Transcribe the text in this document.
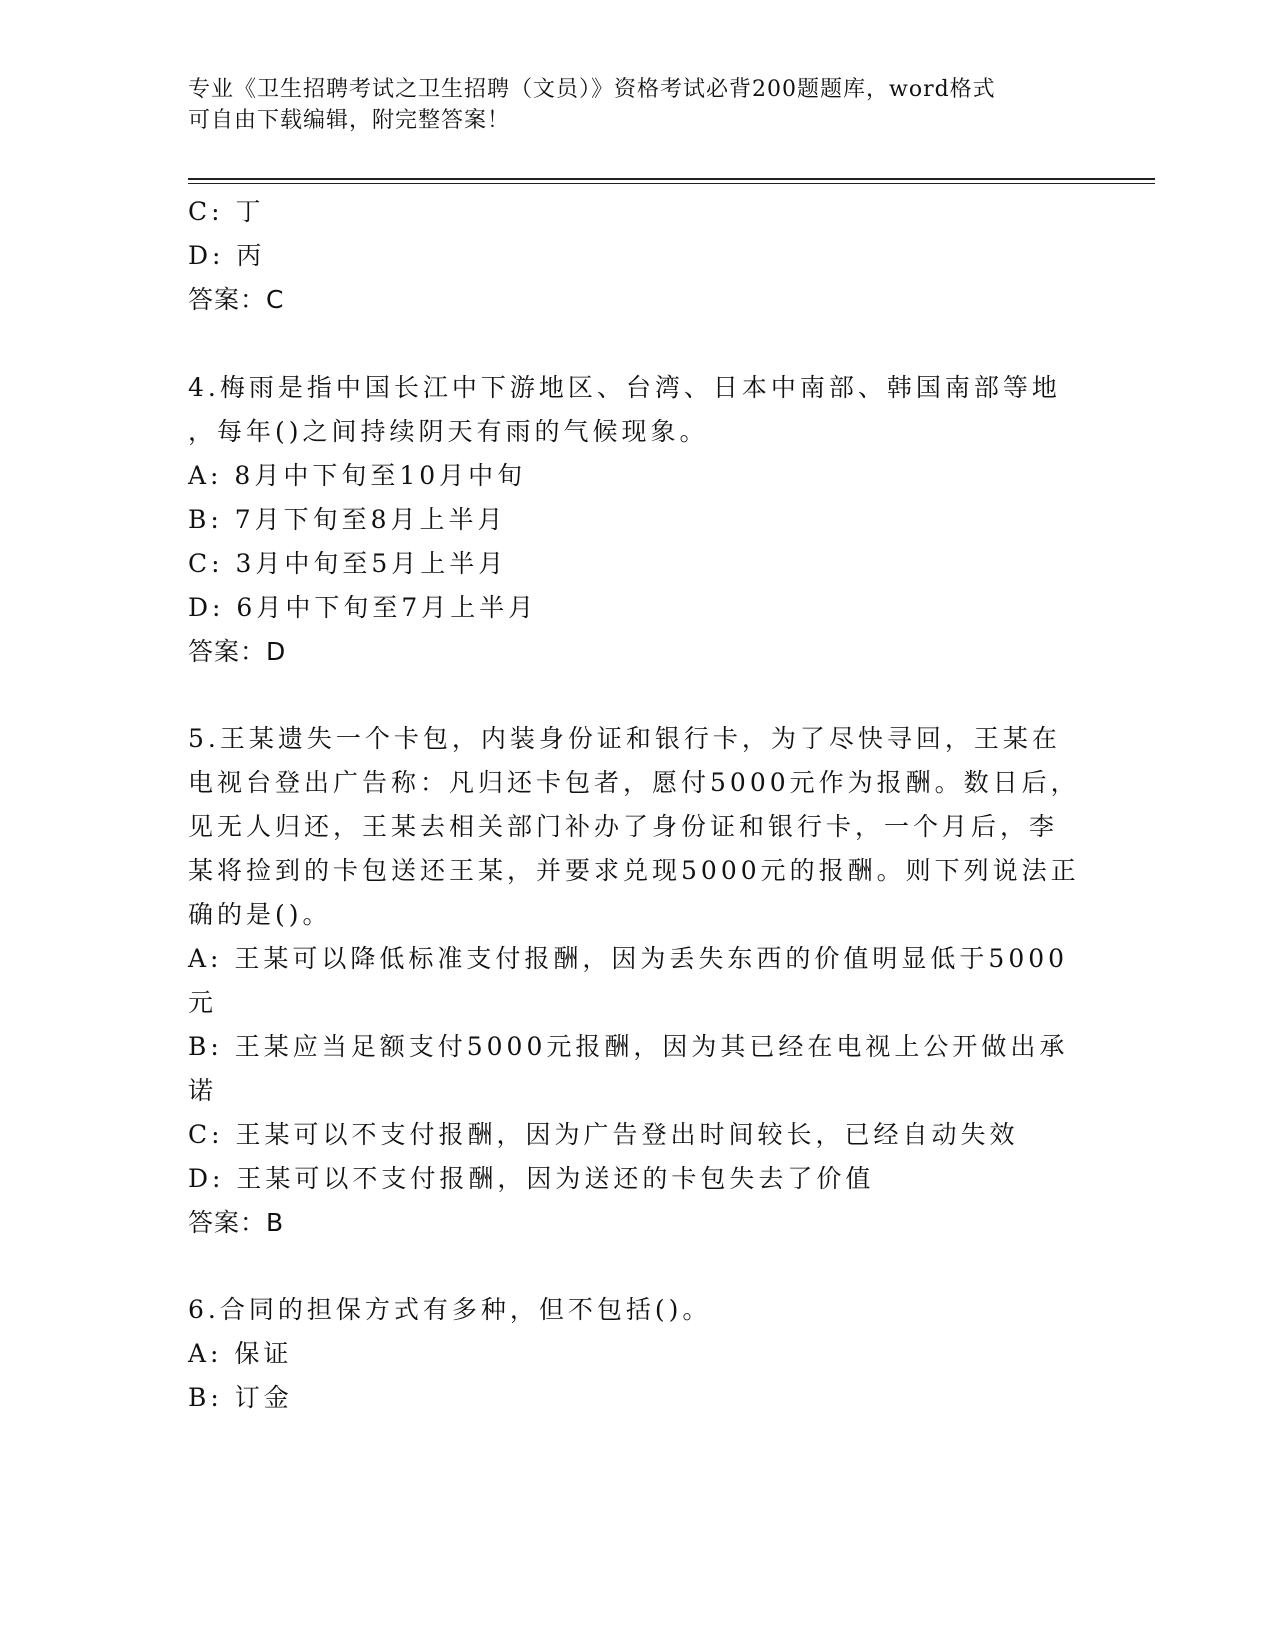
专业《卫生招聘考试之卫生招聘（文员）》资格考试必背200题题库，word格式
可自由下载编辑，附完整答案！
C: 丁
D: 丙
答案：C
4.梅雨是指中国长江中下游地区、台湾、日本中南部、韩国南部等地
，每年()之间持续阴天有雨的气候现象。
A: 8月中下旬至10月中旬
B: 7月下旬至8月上半月
C: 3月中旬至5月上半月
D: 6月中下旬至7月上半月
答案：D
5.王某遗失一个卡包，内装身份证和银行卡，为了尽快寻回，王某在
电视台登出广告称：凡归还卡包者，愿付5000元作为报酬。数日后，
见无人归还，王某去相关部门补办了身份证和银行卡，一个月后，李
某将捡到的卡包送还王某，并要求兑现5000元的报酬。则下列说法正
确的是()。
A: 王某可以降低标准支付报酬，因为丢失东西的价值明显低于5000
元
B: 王某应当足额支付5000元报酬，因为其已经在电视上公开做出承
诺
C: 王某可以不支付报酬，因为广告登出时间较长，已经自动失效
D: 王某可以不支付报酬，因为送还的卡包失去了价值
答案：B
6.合同的担保方式有多种，但不包括()。
A: 保证
B: 订金
